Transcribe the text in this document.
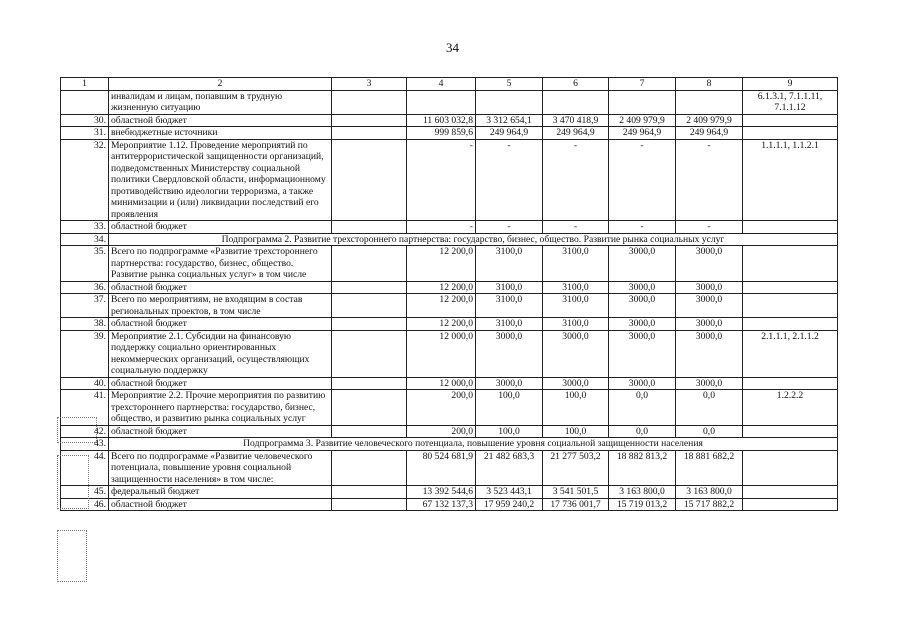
34
1	2	3	4	5	6	7	8	9
	инвалидам и лицам, попавшим в трудную жизненную ситуацию							6.1.3.1, 7.1.1.11, 7.1.1.12
30.	областной бюджет		11 603 032,8	3 312 654,1	3 470 418,9	2 409 979,9	2 409 979,9	
31.	внебюджетные источники		999 859,6	249 964,9	249 964,9	249 964,9	249 964,9	
32.	Мероприятие 1.12. Проведение мероприятий по антитеррористической защищенности организаций, подведомственных Министерству социальной политики Свердловской области, информационному противодействию идеологии терроризма, а также минимизации и (или) ликвидации последствий его проявления		-	-	-	-	-	1.1.1.1, 1.1.2.1
33.	областной бюджет		-	-	-	-	-	
34.	Подпрограмма 2. Развитие трехстороннего партнерства: государство, бизнес, общество. Развитие рынка социальных услуг							
35.	Всего по подпрограмме «Развитие трехстороннего партнерства: государство, бизнес, общество. Развитие рынка социальных услуг» в том числе		12 200,0	3100,0	3100,0	3000,0	3000,0	
36.	областной бюджет		12 200,0	3100,0	3100,0	3000,0	3000,0	
37.	Всего по мероприятиям, не входящим в состав региональных проектов, в том числе		12 200,0	3100,0	3100,0	3000,0	3000,0	
38.	областной бюджет		12 200,0	3100,0	3100,0	3000,0	3000,0	
39.	Мероприятие 2.1. Субсидии на финансовую поддержку социально ориентированных некоммерческих организаций, осуществляющих социальную поддержку		12 000,0	3000,0	3000,0	3000,0	3000,0	2.1.1.1, 2.1.1.2
40.	областной бюджет		12 000,0	3000,0	3000,0	3000,0	3000,0	
41.	Мероприятие 2.2. Прочие мероприятия по развитию трехстороннего партнерства: государство, бизнес, общество, и развитию рынка социальных услуг		200,0	100,0	100,0	0,0	0,0	1.2.2.2
42.	областной бюджет		200,0	100,0	100,0	0,0	0,0	
43.	Подпрограмма 3. Развитие человеческого потенциала, повышение уровня социальной защищенности населения							
44.	Всего по подпрограмме «Развитие человеческого потенциала, повышение уровня социальной защищенности населения» в том числе:		80 524 681,9	21 482 683,3	21 277 503,2	18 882 813,2	18 881 682,2	
45.	федеральный бюджет		13 392 544,6	3 523 443,1	3 541 501,5	3 163 800,0	3 163 800,0	
46.	областной бюджет		67 132 137,3	17 959 240,2	17 736 001,7	15 719 013,2	15 717 882,2	
